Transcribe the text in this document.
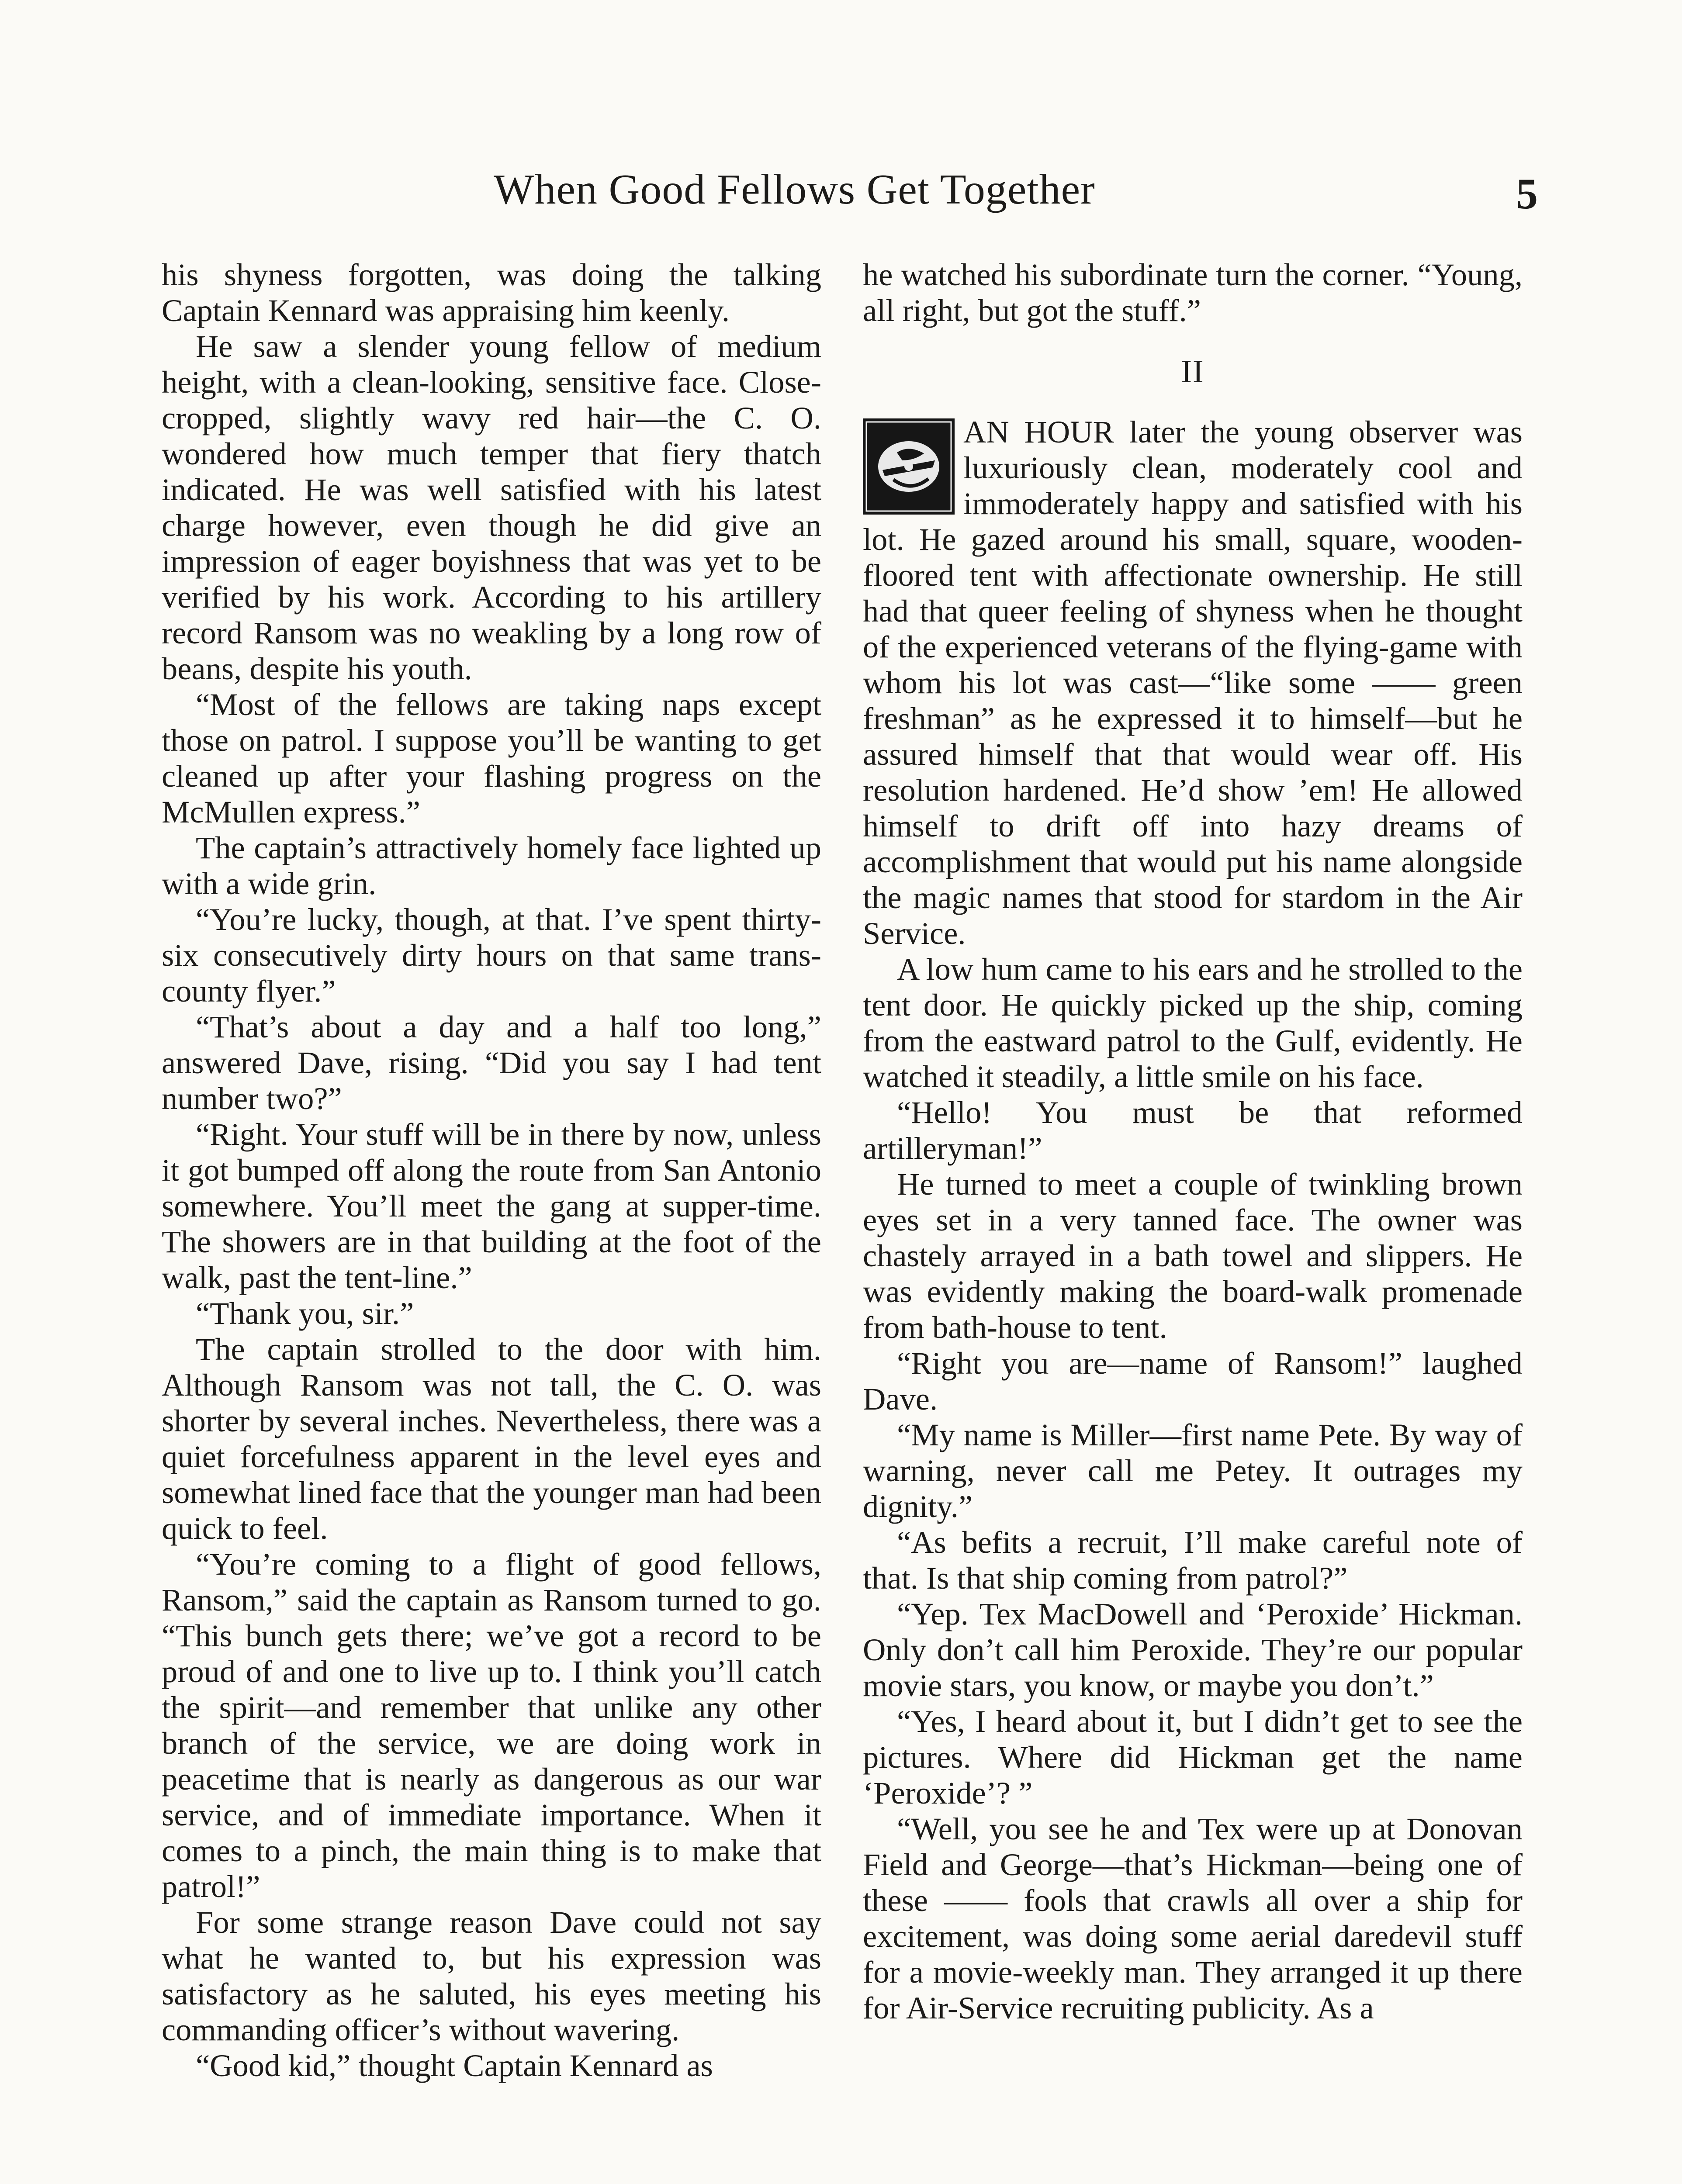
When Good Fellows Get Together	5

his shyness forgotten, was doing the talking Captain Kennard was appraising him keenly.

He saw a slender young fellow of medium height, with a clean-looking, sensitive face. Close-cropped, slightly wavy red hair—the C. O. wondered how much temper that fiery thatch indicated. He was well satisfied with his latest charge however, even though he did give an impression of eager boyishness that was yet to be verified by his work. According to his artillery record Ransom was no weakling by a long row of beans, despite his youth.

“Most of the fellows are taking naps except those on patrol. I suppose you’ll be wanting to get cleaned up after your flashing progress on the McMullen express.”

The captain’s attractively homely face lighted up with a wide grin.

“You’re lucky, though, at that. I’ve spent thirty-six consecutively dirty hours on that same trans-county flyer.”

“That’s about a day and a half too long,” answered Dave, rising. “Did you say I had tent number two?”

“Right. Your stuff will be in there by now, unless it got bumped off along the route from San Antonio somewhere. You’ll meet the gang at supper-time. The showers are in that building at the foot of the walk, past the tent-line.”

“Thank you, sir.”

The captain strolled to the door with him. Although Ransom was not tall, the C. O. was shorter by several inches. Nevertheless, there was a quiet forcefulness apparent in the level eyes and somewhat lined face that the younger man had been quick to feel.

“You’re coming to a flight of good fellows, Ransom,” said the captain as Ransom turned to go. “This bunch gets there; we’ve got a record to be proud of and one to live up to. I think you’ll catch the spirit—and remember that unlike any other branch of the service, we are doing work in peacetime that is nearly as dangerous as our war service, and of immediate importance. When it comes to a pinch, the main thing is to make that patrol!”

For some strange reason Dave could not say what he wanted to, but his expression was satisfactory as he saluted, his eyes meeting his commanding officer’s without wavering.

“Good kid,” thought Captain Kennard as

he watched his subordinate turn the corner. “Young, all right, but got the stuff.”

II

AN HOUR later the young observer was luxuriously clean, moderately cool and immoderately happy and satisfied with his lot. He gazed around his small, square, wooden-floored tent with affectionate ownership. He still had that queer feeling of shyness when he thought of the experienced veterans of the flying-game with whom his lot was cast—“like some —— green freshman” as he expressed it to himself—but he assured himself that that would wear off. His resolution hardened. He’d show ’em! He allowed himself to drift off into hazy dreams of accomplishment that would put his name alongside the magic names that stood for stardom in the Air Service.

A low hum came to his ears and he strolled to the tent door. He quickly picked up the ship, coming from the eastward patrol to the Gulf, evidently. He watched it steadily, a little smile on his face.

“Hello! You must be that reformed artilleryman!”

He turned to meet a couple of twinkling brown eyes set in a very tanned face. The owner was chastely arrayed in a bath towel and slippers. He was evidently making the board-walk promenade from bath-house to tent.

“Right you are—name of Ransom!” laughed Dave.

“My name is Miller—first name Pete. By way of warning, never call me Petey. It outrages my dignity.”

“As befits a recruit, I’ll make careful note of that. Is that ship coming from patrol?”

“Yep. Tex MacDowell and ‘Peroxide’ Hickman. Only don’t call him Peroxide. They’re our popular movie stars, you know, or maybe you don’t.”

“Yes, I heard about it, but I didn’t get to see the pictures. Where did Hickman get the name ‘Peroxide’? ”

“Well, you see he and Tex were up at Donovan Field and George—that’s Hickman—being one of these —— fools that crawls all over a ship for excitement, was doing some aerial daredevil stuff for a movie-weekly man. They arranged it up there for Air-Service recruiting publicity. As a
